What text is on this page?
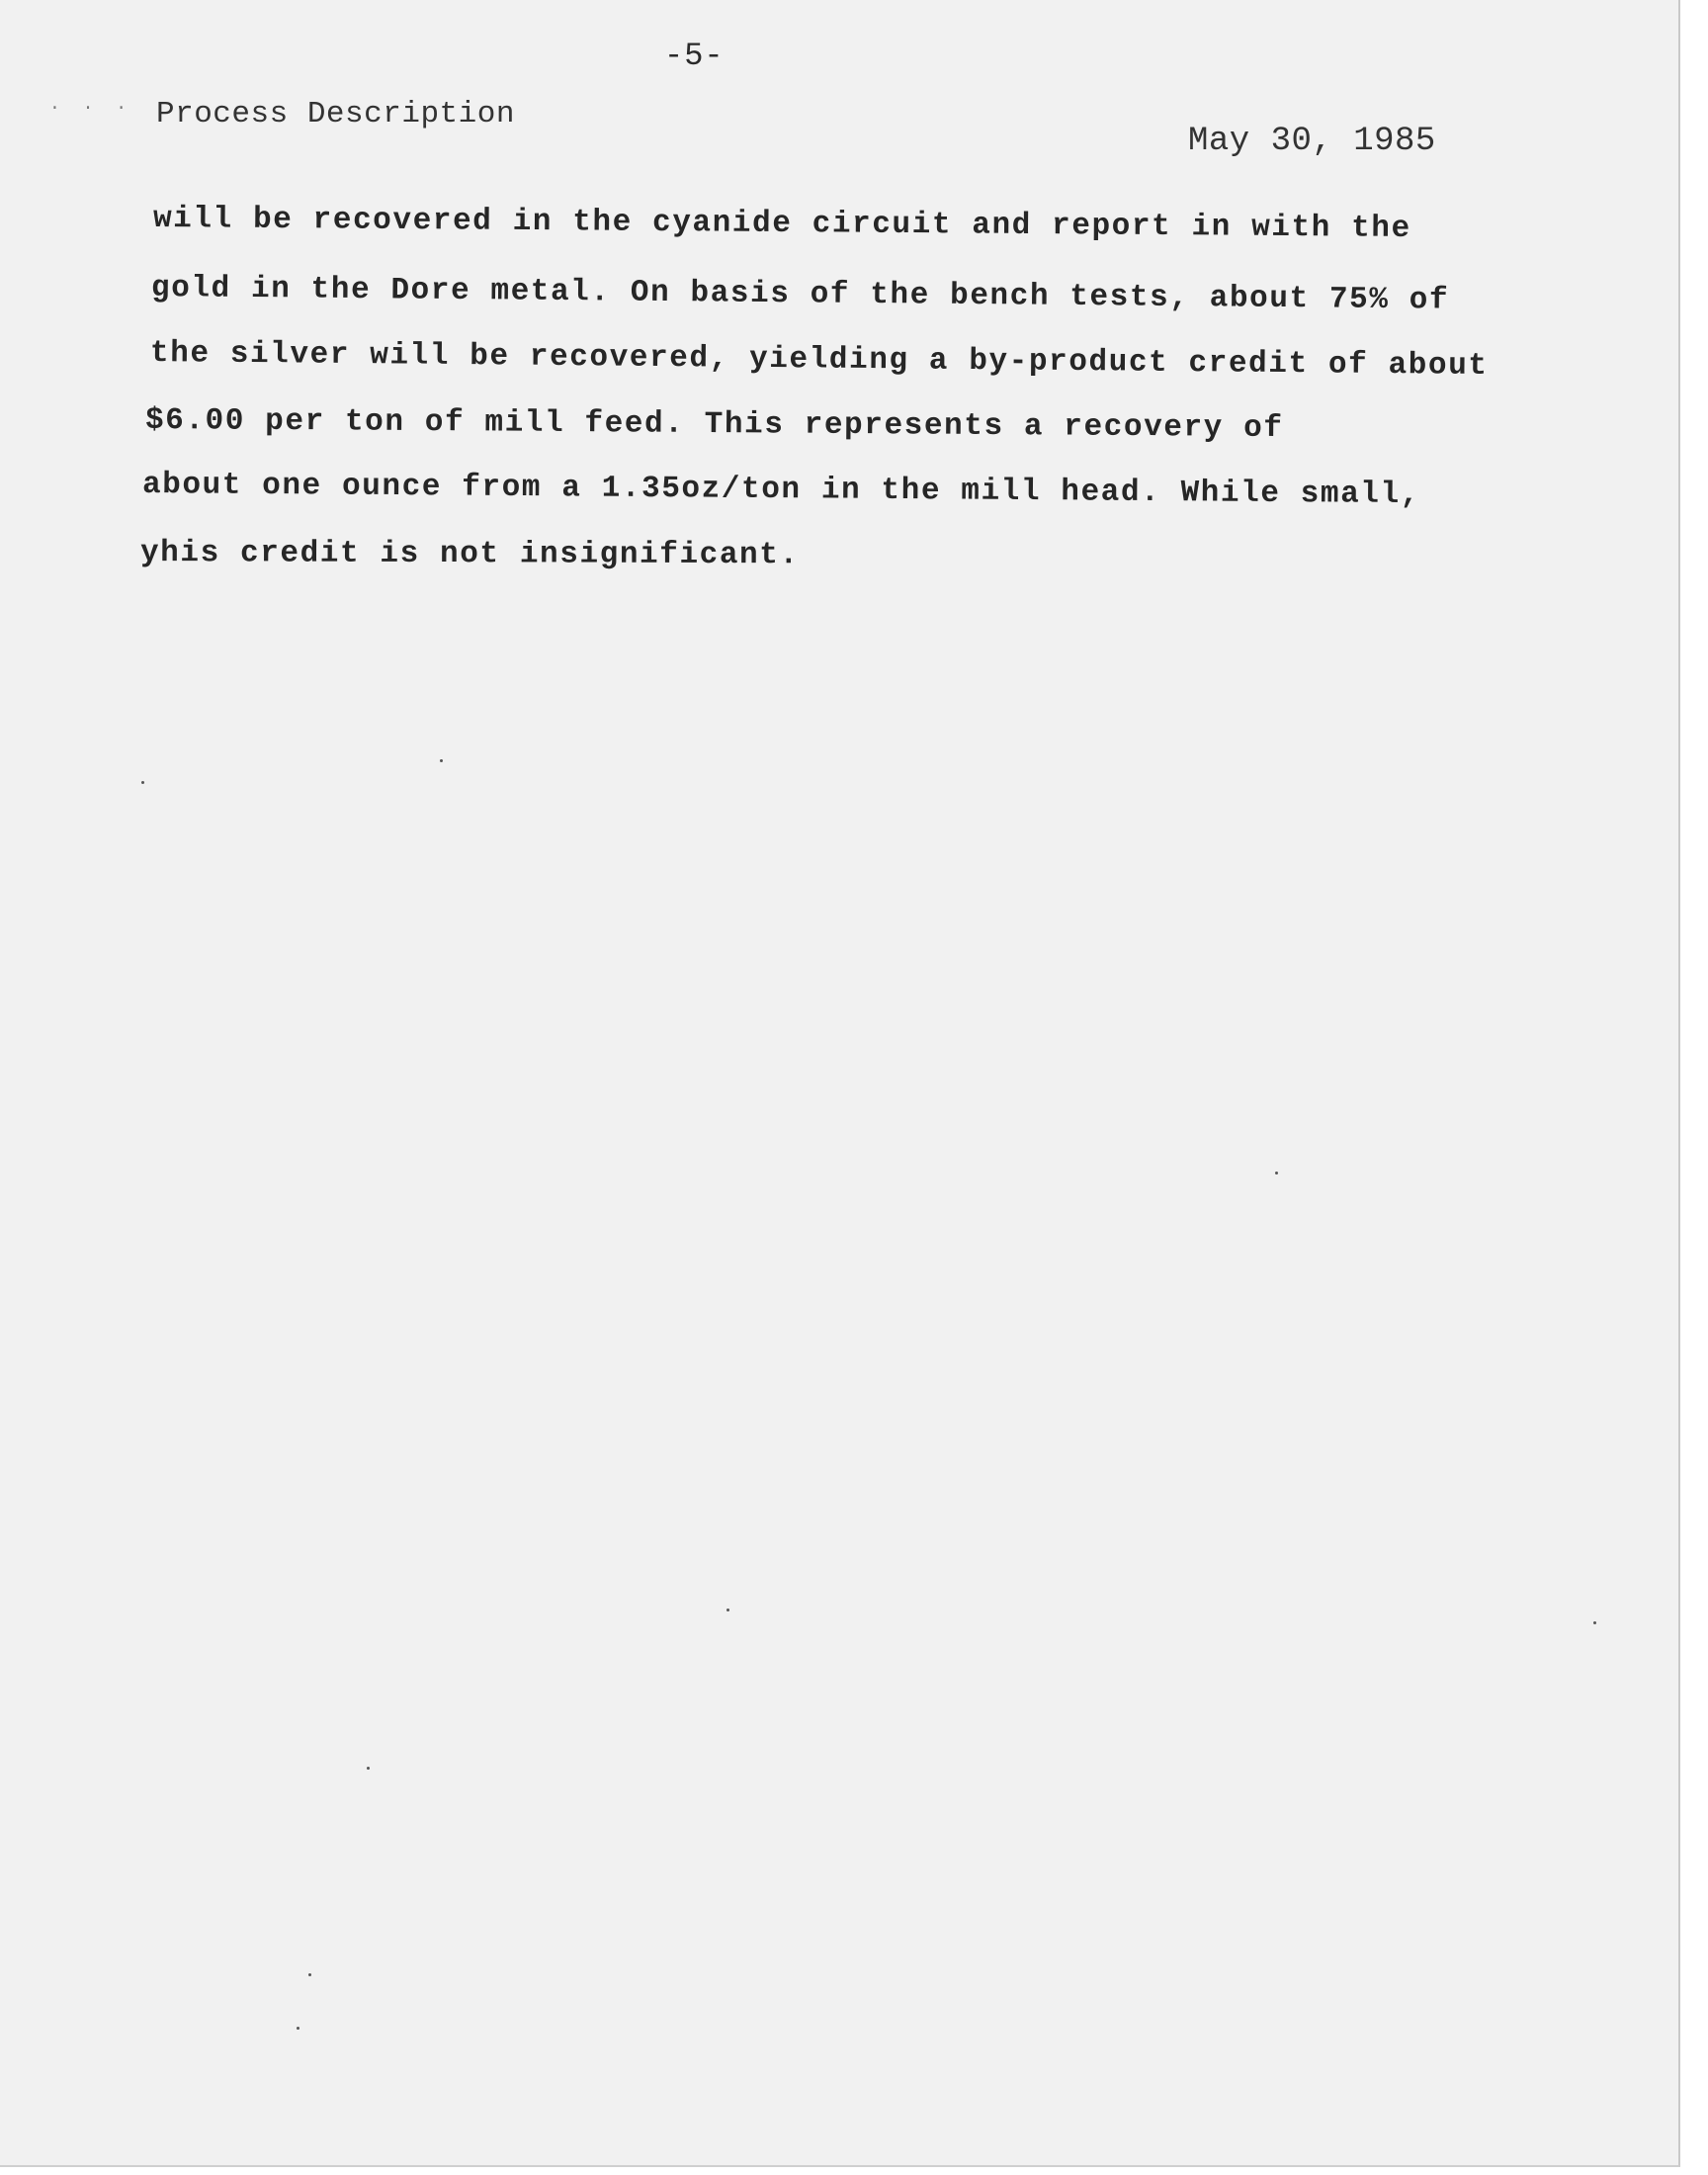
· · ·
-5-
Process Description
May 30, 1985
will be recovered in the cyanide circuit and report in with the
gold in the Dore metal. On basis of the bench tests, about 75% of
the silver will be recovered, yielding a by-product credit of about
$6.00 per ton of mill feed. This represents a recovery of
about one ounce from a 1.35oz/ton in the mill head. While small,
yhis credit is not insignificant.
